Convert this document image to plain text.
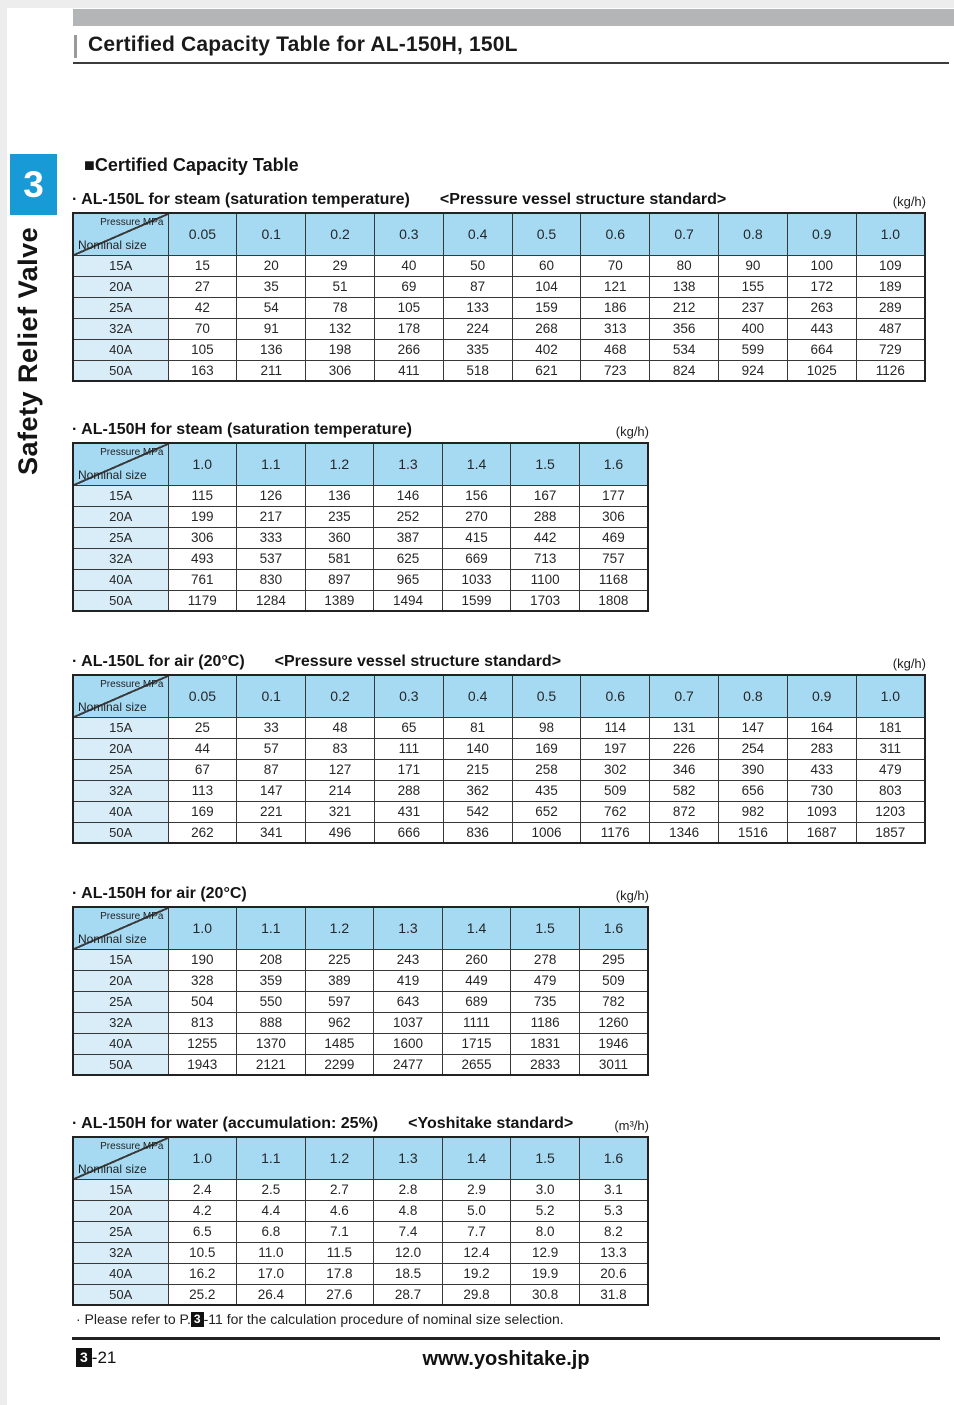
Certified Capacity Table for AL-150H, 150L
3
Safety Relief Valve
■Certified Capacity Table
· AL-150L for steam (saturation temperature) <Pressure vessel structure standard>	(kg/h)
Pressure MPa
Nominal size	0.05	0.1	0.2	0.3	0.4	0.5	0.6	0.7	0.8	0.9	1.0
15A	15	20	29	40	50	60	70	80	90	100	109
20A	27	35	51	69	87	104	121	138	155	172	189
25A	42	54	78	105	133	159	186	212	237	263	289
32A	70	91	132	178	224	268	313	356	400	443	487
40A	105	136	198	266	335	402	468	534	599	664	729
50A	163	211	306	411	518	621	723	824	924	1025	1126
· AL-150H for steam (saturation temperature)	(kg/h)
Pressure MPa
Nominal size	1.0	1.1	1.2	1.3	1.4	1.5	1.6
15A	115	126	136	146	156	167	177
20A	199	217	235	252	270	288	306
25A	306	333	360	387	415	442	469
32A	493	537	581	625	669	713	757
40A	761	830	897	965	1033	1100	1168
50A	1179	1284	1389	1494	1599	1703	1808
· AL-150L for air (20°C) <Pressure vessel structure standard>	(kg/h)
Pressure MPa
Nominal size	0.05	0.1	0.2	0.3	0.4	0.5	0.6	0.7	0.8	0.9	1.0
15A	25	33	48	65	81	98	114	131	147	164	181
20A	44	57	83	111	140	169	197	226	254	283	311
25A	67	87	127	171	215	258	302	346	390	433	479
32A	113	147	214	288	362	435	509	582	656	730	803
40A	169	221	321	431	542	652	762	872	982	1093	1203
50A	262	341	496	666	836	1006	1176	1346	1516	1687	1857
· AL-150H for air (20°C)	(kg/h)
Pressure MPa
Nominal size	1.0	1.1	1.2	1.3	1.4	1.5	1.6
15A	190	208	225	243	260	278	295
20A	328	359	389	419	449	479	509
25A	504	550	597	643	689	735	782
32A	813	888	962	1037	1111	1186	1260
40A	1255	1370	1485	1600	1715	1831	1946
50A	1943	2121	2299	2477	2655	2833	3011
· AL-150H for water (accumulation: 25%) <Yoshitake standard>	(m³/h)
Pressure MPa
Nominal size	1.0	1.1	1.2	1.3	1.4	1.5	1.6
15A	2.4	2.5	2.7	2.8	2.9	3.0	3.1
20A	4.2	4.4	4.6	4.8	5.0	5.2	5.3
25A	6.5	6.8	7.1	7.4	7.7	8.0	8.2
32A	10.5	11.0	11.5	12.0	12.4	12.9	13.3
40A	16.2	17.0	17.8	18.5	19.2	19.9	20.6
50A	25.2	26.4	27.6	28.7	29.8	30.8	31.8

· Please refer to P. 3 -11 for the calculation procedure of nominal size selection.

3 -21	www.yoshitake.jp
